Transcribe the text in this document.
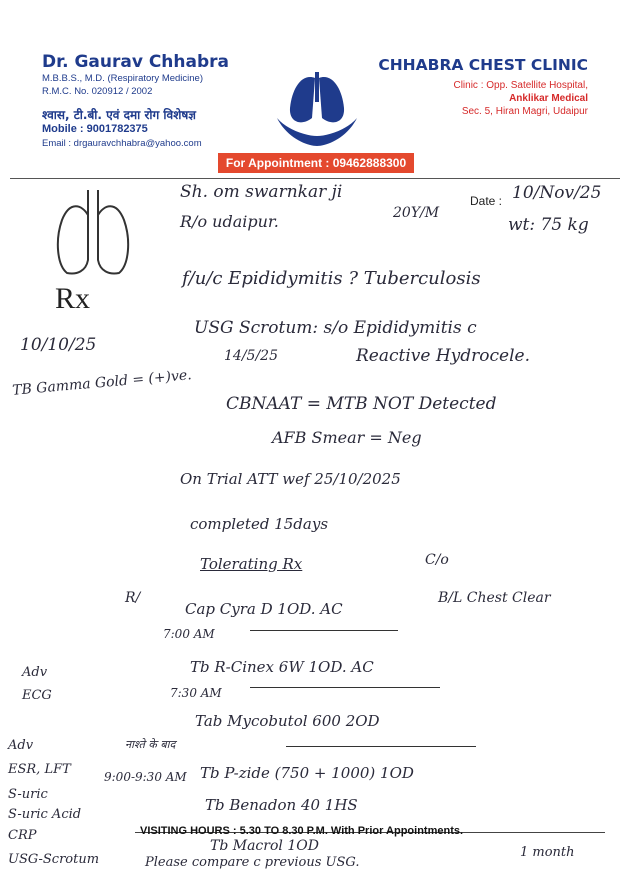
Dr. Gaurav Chhabra
M.B.B.S., M.D. (Respiratory Medicine)
R.M.C. No. 020912 / 2002
श्वास, टी.बी. एवं दमा रोग विशेषज्ञ
Mobile : 9001782375
Email : drgauravchhabra@yahoo.com
CHHABRA CHEST CLINIC
Clinic : Opp. Satellite Hospital,
Anklikar Medical
Sec. 5, Hiran Magri, Udaipur
For Appointment : 09462888300
Date :
Rx
Sh. om swarnkar ji
R/o udaipur.	20Y/M
10/Nov/25
wt: 75 kg
10/10/25
TB Gamma Gold = (+)ve.
f/u/c Epididymitis ? Tuberculosis
USG Scrotum: s/o Epididymitis c
14/5/25	Reactive Hydrocele.
CBNAAT = MTB NOT Detected
AFB Smear = Neg
On Trial ATT wef 25/10/2025
completed 15days
Tolerating Rx	C/o
B/L Chest Clear
R/
7:00 AM
Cap Cyra D 1OD. AC
7:30 AM
Tb R-Cinex 6W 1OD. AC
Tab Mycobutol 600 2OD
Tb P-zide (750 + 1000) 1OD
Tb Benadon 40 1HS
Tb Macrol 1OD
9:00-9:30 AM
नाश्ते के बाद
Adv
ECG
Adv
ESR, LFT
S-uric
S-uric Acid
CRP
USG-Scrotum	Please compare c previous USG.
1 month
VISITING HOURS : 5.30 TO 8.30 P.M. With Prior Appointments.
